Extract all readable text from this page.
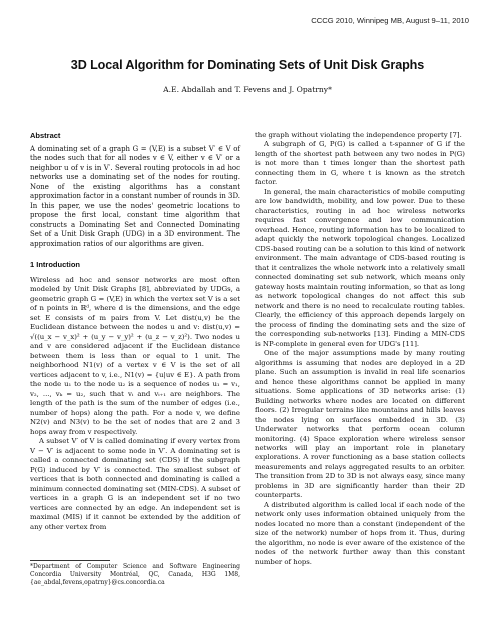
CCCG 2010, Winnipeg MB, August 9–11, 2010
3D Local Algorithm for Dominating Sets of Unit Disk Graphs
A.E. Abdallah and T. Fevens and J. Opatrny*
Abstract

A dominating set of a graph G = (V,E) is a subset V′ ∈ V of the nodes such that for all nodes v ∈ V, either v ∈ V′ or a neighbor u of v is in V′. Several routing protocols in ad hoc networks use a dominating set of the nodes for routing. None of the existing algorithms has a constant approximation factor in a constant number of rounds in 3D. In this paper, we use the nodes' geometric locations to propose the first local, constant time algorithm that constructs a Dominating Set and Connected Dominating Set of a Unit Disk Graph (UDG) in a 3D environment. The approximation ratios of our algorithms are given.

1 Introduction

Wireless ad hoc and sensor networks are most often modeled by Unit Disk Graphs [8], abbreviated by UDGs, a geometric graph G = (V,E) in which the vertex set V is a set of n points in ℝᵈ, where d is the dimensions, and the edge set E consists of m pairs from V. Let dist(u,v) be the Euclidean distance between the nodes u and v: dist(u,v) = √((u_x − v_x)² + (u_y − v_y)² + (u_z − v_z)²). Two nodes u and v are considered adjacent if the Euclidean distance between them is less than or equal to 1 unit. The neighborhood N1(v) of a vertex v ∈ V is the set of all vertices adjacent to v, i.e., N1(v) = {u|uv ∈ E}. A path from the node u₁ to the node u₂ is a sequence of nodes u₁ = v₁, v₂, ..., vₖ = u₂, such that vᵢ and vᵢ₊₁ are neighbors. The length of the path is the sum of the number of edges (i.e., number of hops) along the path. For a node v, we define N2(v) and N3(v) to be the set of nodes that are 2 and 3 hops away from v respectively.

A subset V′ of V is called dominating if every vertex from V − V′ is adjacent to some node in V′. A dominating set is called a connected dominating set (CDS) if the subgraph P(G) induced by V′ is connected. The smallest subset of vertices that is both connected and dominating is called a minimum connected dominating set (MIN-CDS). A subset of vertices in a graph G is an independent set if no two vertices are connected by an edge. An independent set is maximal (MIS) if it cannot be extended by the addition of any other vertex from

*Department of Computer Science and Software Engineering Concordia University Montréal, QC, Canada, H3G 1M8,{ae_abdal,fevens,opatrny}@cs.concordia.ca

the graph without violating the independence property [7].

A subgraph of G, P(G) is called a t-spanner of G if the length of the shortest path between any two nodes in P(G) is not more than t times longer than the shortest path connecting them in G, where t is known as the stretch factor.

In general, the main characteristics of mobile computing are low bandwidth, mobility, and low power. Due to these characteristics, routing in ad hoc wireless networks requires fast convergence and low communication overhead. Hence, routing information has to be localized to adapt quickly the network topological changes. Localized CDS-based routing can be a solution to this kind of network environment. The main advantage of CDS-based routing is that it centralizes the whole network into a relatively small connected dominating set sub network, which means only gateway hosts maintain routing information, so that as long as network topological changes do not affect this sub network and there is no need to recalculate routing tables. Clearly, the efficiency of this approach depends largely on the process of finding the dominating sets and the size of the corresponding sub-networks [13]. Finding a MIN-CDS is NP-complete in general even for UDG's [11].

One of the major assumptions made by many routing algorithms is assuming that nodes are deployed in a 2D plane. Such an assumption is invalid in real life scenarios and hence these algorithms cannot be applied in many situations. Some applications of 3D networks arise: (1) Building networks where nodes are located on different floors. (2) Irregular terrains like mountains and hills leaves the nodes lying on surfaces embedded in 3D. (3) Underwater networks that perform ocean column monitoring. (4) Space exploration where wireless sensor networks will play an important role in planetary explorations. A rover functioning as a base station collects measurements and relays aggregated results to an orbiter. The transition from 2D to 3D is not always easy, since many problems in 3D are significantly harder than their 2D counterparts.

A distributed algorithm is called local if each node of the network only uses information obtained uniquely from the nodes located no more than a constant (independent of the size of the network) number of hops from it. Thus, during the algorithm, no node is ever aware of the existence of the nodes of the network further away than this constant number of hops.
